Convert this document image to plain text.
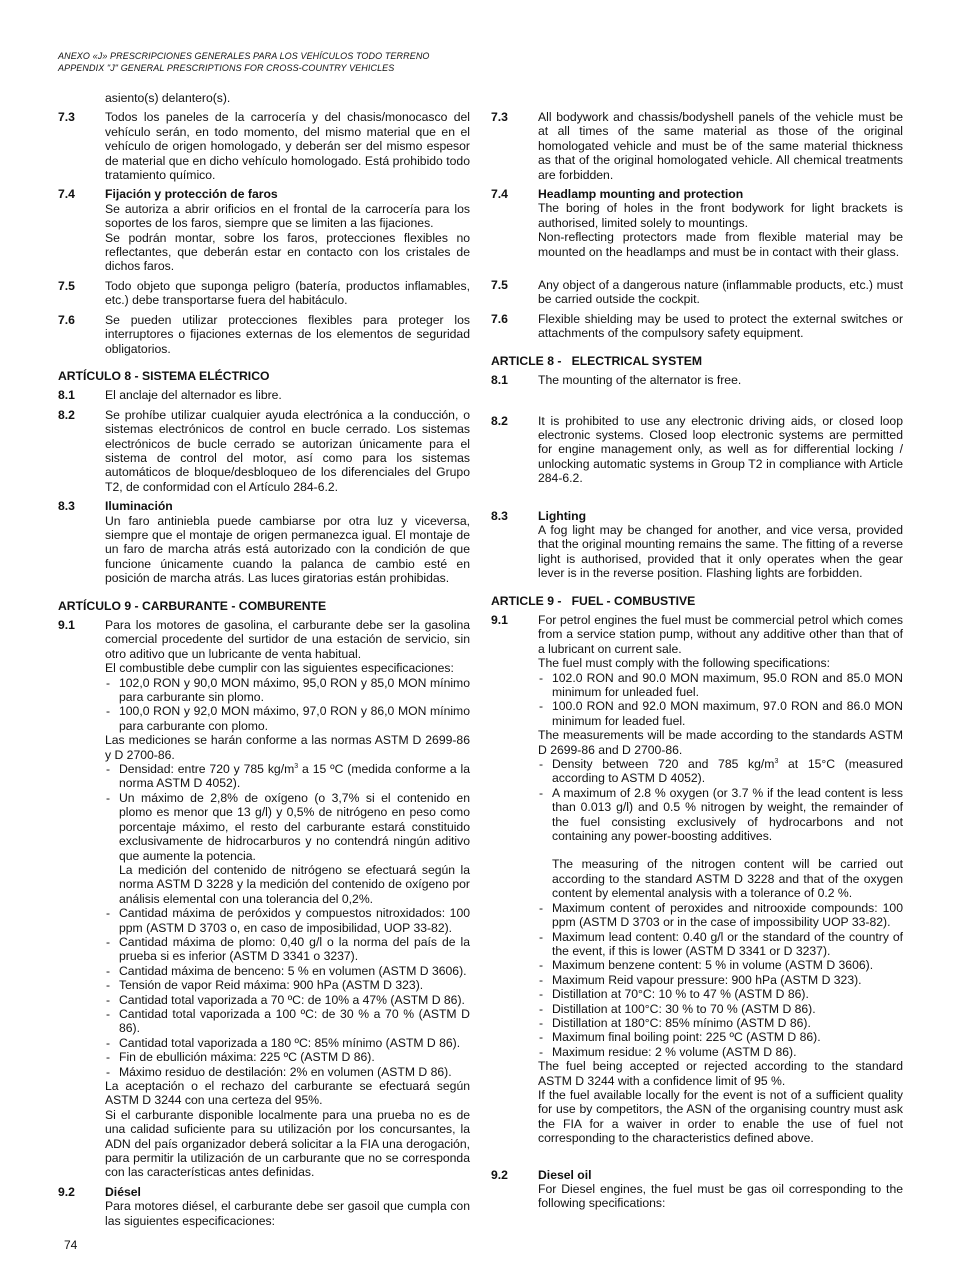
ANEXO «J» PRESCRIPCIONES GENERALES PARA LOS VEHÍCULOS TODO TERRENO
APPENDIX "J" GENERAL PRESCRIPTIONS FOR CROSS-COUNTRY VEHICLES
asiento(s) delantero(s).
7.3	Todos los paneles de la carrocería y del chasis/monocasco del vehículo serán, en todo momento, del mismo material que en el vehículo de origen homologado, y deberán ser del mismo espesor de material que en dicho vehículo homologado. Está prohibido todo tratamiento químico.
7.4	Fijación y protección de faros
Se autoriza a abrir orificios en el frontal de la carrocería para los soportes de los faros, siempre que se limiten a las fijaciones.
Se podrán montar, sobre los faros, protecciones flexibles no reflectantes, que deberán estar en contacto con los cristales de dichos faros.
7.5	Todo objeto que suponga peligro (batería, productos inflamables, etc.) debe transportarse fuera del habitáculo.
7.6	Se pueden utilizar protecciones flexibles para proteger los interruptores o fijaciones externas de los elementos de seguridad obligatorios.
ARTÍCULO 8 - SISTEMA ELÉCTRICO
8.1	El anclaje del alternador es libre.
8.2	Se prohíbe utilizar cualquier ayuda electrónica a la conducción, o sistemas electrónicos de control en bucle cerrado. Los sistemas electrónicos de bucle cerrado se autorizan únicamente para el sistema de control del motor, así como para los sistemas automáticos de bloque/desbloqueo de los diferenciales del Grupo T2, de conformidad con el Artículo 284-6.2.
8.3	Iluminación
Un faro antiniebla puede cambiarse por otra luz y viceversa, siempre que el montaje de origen permanezca igual. El montaje de un faro de marcha atrás está autorizado con la condición de que funcione únicamente cuando la palanca de cambio esté en posición de marcha atrás. Las luces giratorias están prohibidas.
ARTÍCULO 9 - CARBURANTE - COMBURENTE
9.1	Para los motores de gasolina, el carburante debe ser la gasolina comercial procedente del surtidor de una estación de servicio, sin otro aditivo que un lubricante de venta habitual.
El combustible debe cumplir con las siguientes especificaciones:
- 102,0 RON y 90,0 MON máximo, 95,0 RON y 85,0 MON mínimo para carburante sin plomo.
- 100,0 RON y 92,0 MON máximo, 97,0 RON y 86,0 MON mínimo para carburante con plomo.
Las mediciones se harán conforme a las normas ASTM D 2699-86 y D 2700-86.
- Densidad: entre 720 y 785 $kg/m^3$ a 15 ºC (medida conforme a la norma ASTM D 4052).
- Un máximo de 2,8% de oxígeno (o 3,7% si el contenido en plomo es menor que 13 g/l) y 0,5% de nitrógeno en peso como porcentaje máximo, el resto del carburante estará constituido exclusivamente de hidrocarburos y no contendrá ningún aditivo que aumente la potencia.
La medición del contenido de nitrógeno se efectuará según la norma ASTM D 3228 y la medición del contenido de oxígeno por análisis elemental con una tolerancia del 0,2%.
- Cantidad máxima de peróxidos y compuestos nitroxidados: 100 ppm (ASTM D 3703 o, en caso de imposibilidad, UOP 33-82).
- Cantidad máxima de plomo: 0,40 g/l o la norma del país de la prueba si es inferior (ASTM D 3341 o 3237).
- Cantidad máxima de benceno: 5 % en volumen (ASTM D 3606).
- Tensión de vapor Reid máxima: 900 hPa (ASTM D 323).
- Cantidad total vaporizada a 70 ºC: de 10% a 47% (ASTM D 86).
- Cantidad total vaporizada a 100 ºC: de 30 % a 70 % (ASTM D 86).
- Cantidad total vaporizada a 180 ºC: 85% mínimo (ASTM D 86).
- Fin de ebullición máxima: 225 ºC (ASTM D 86).
- Máximo residuo de destilación: 2% en volumen (ASTM D 86).
La aceptación o el rechazo del carburante se efectuará según ASTM D 3244 con una certeza del 95%.
Si el carburante disponible localmente para una prueba no es de una calidad suficiente para su utilización por los concursantes, la ADN del país organizador deberá solicitar a la FIA una derogación, para permitir la utilización de un carburante que no se corresponda con las características antes definidas.
9.2	Diésel
Para motores diésel, el carburante debe ser gasoil que cumpla con las siguientes especificaciones:
7.3	All bodywork and chassis/bodyshell panels of the vehicle must be at all times of the same material as those of the original homologated vehicle and must be of the same material thickness as that of the original homologated vehicle. All chemical treatments are forbidden.
7.4	Headlamp mounting and protection
The boring of holes in the front bodywork for light brackets is authorised, limited solely to mountings.
Non-reflecting protectors made from flexible material may be mounted on the headlamps and must be in contact with their glass.
7.5	Any object of a dangerous nature (inflammable products, etc.) must be carried outside the cockpit.
7.6	Flexible shielding may be used to protect the external switches or attachments of the compulsory safety equipment.
ARTICLE 8 -   ELECTRICAL SYSTEM
8.1	The mounting of the alternator is free.
8.2	It is prohibited to use any electronic driving aids, or closed loop electronic systems. Closed loop electronic systems are permitted for engine management only, as well as for differential locking / unlocking automatic systems in Group T2 in compliance with Article 284-6.2.
8.3	Lighting
A fog light may be changed for another, and vice versa, provided that the original mounting remains the same. The fitting of a reverse light is authorised, provided that it only operates when the gear lever is in the reverse position. Flashing lights are forbidden.
ARTICLE 9 -   FUEL - COMBUSTIVE
9.1	For petrol engines the fuel must be commercial petrol which comes from a service station pump, without any additive other than that of a lubricant on current sale.
The fuel must comply with the following specifications:
- 102.0 RON and 90.0 MON maximum, 95.0 RON and 85.0 MON minimum for unleaded fuel.
- 100.0 RON and 92.0 MON maximum, 97.0 RON and 86.0 MON minimum for leaded fuel.
The measurements will be made according to the standards ASTM D 2699-86 and D 2700-86.
- Density between 720 and 785 $kg/m^3$ at 15°C (measured according to ASTM D 4052).
- A maximum of 2.8 % oxygen (or 3.7 % if the lead content is less than 0.013 g/l) and 0.5 % nitrogen by weight, the remainder of the fuel consisting exclusively of hydrocarbons and not containing any power-boosting additives.
The measuring of the nitrogen content will be carried out according to the standard ASTM D 3228 and that of the oxygen content by elemental analysis with a tolerance of 0.2 %.
- Maximum content of peroxides and nitrooxide compounds: 100 ppm (ASTM D 3703 or in the case of impossibility UOP 33-82).
- Maximum lead content: 0.40 g/l or the standard of the country of the event, if this is lower (ASTM D 3341 or D 3237).
- Maximum benzene content: 5 % in volume (ASTM D 3606).
- Maximum Reid vapour pressure: 900 hPa (ASTM D 323).
- Distillation at 70°C: 10 % to 47 % (ASTM D 86).
- Distillation at 100°C: 30 % to 70 % (ASTM D 86).
- Distillation at 180°C: 85% mínimo (ASTM D 86).
- Maximum final boiling point: 225 ºC (ASTM D 86).
- Maximum residue: 2 % volume (ASTM D 86).
The fuel being accepted or rejected according to the standard ASTM D 3244 with a confidence limit of 95 %.
If the fuel available locally for the event is not of a sufficient quality for use by competitors, the ASN of the organising country must ask the FIA for a waiver in order to enable the use of fuel not corresponding to the characteristics defined above.
9.2	Diesel oil
For Diesel engines, the fuel must be gas oil corresponding to the following specifications:
74
